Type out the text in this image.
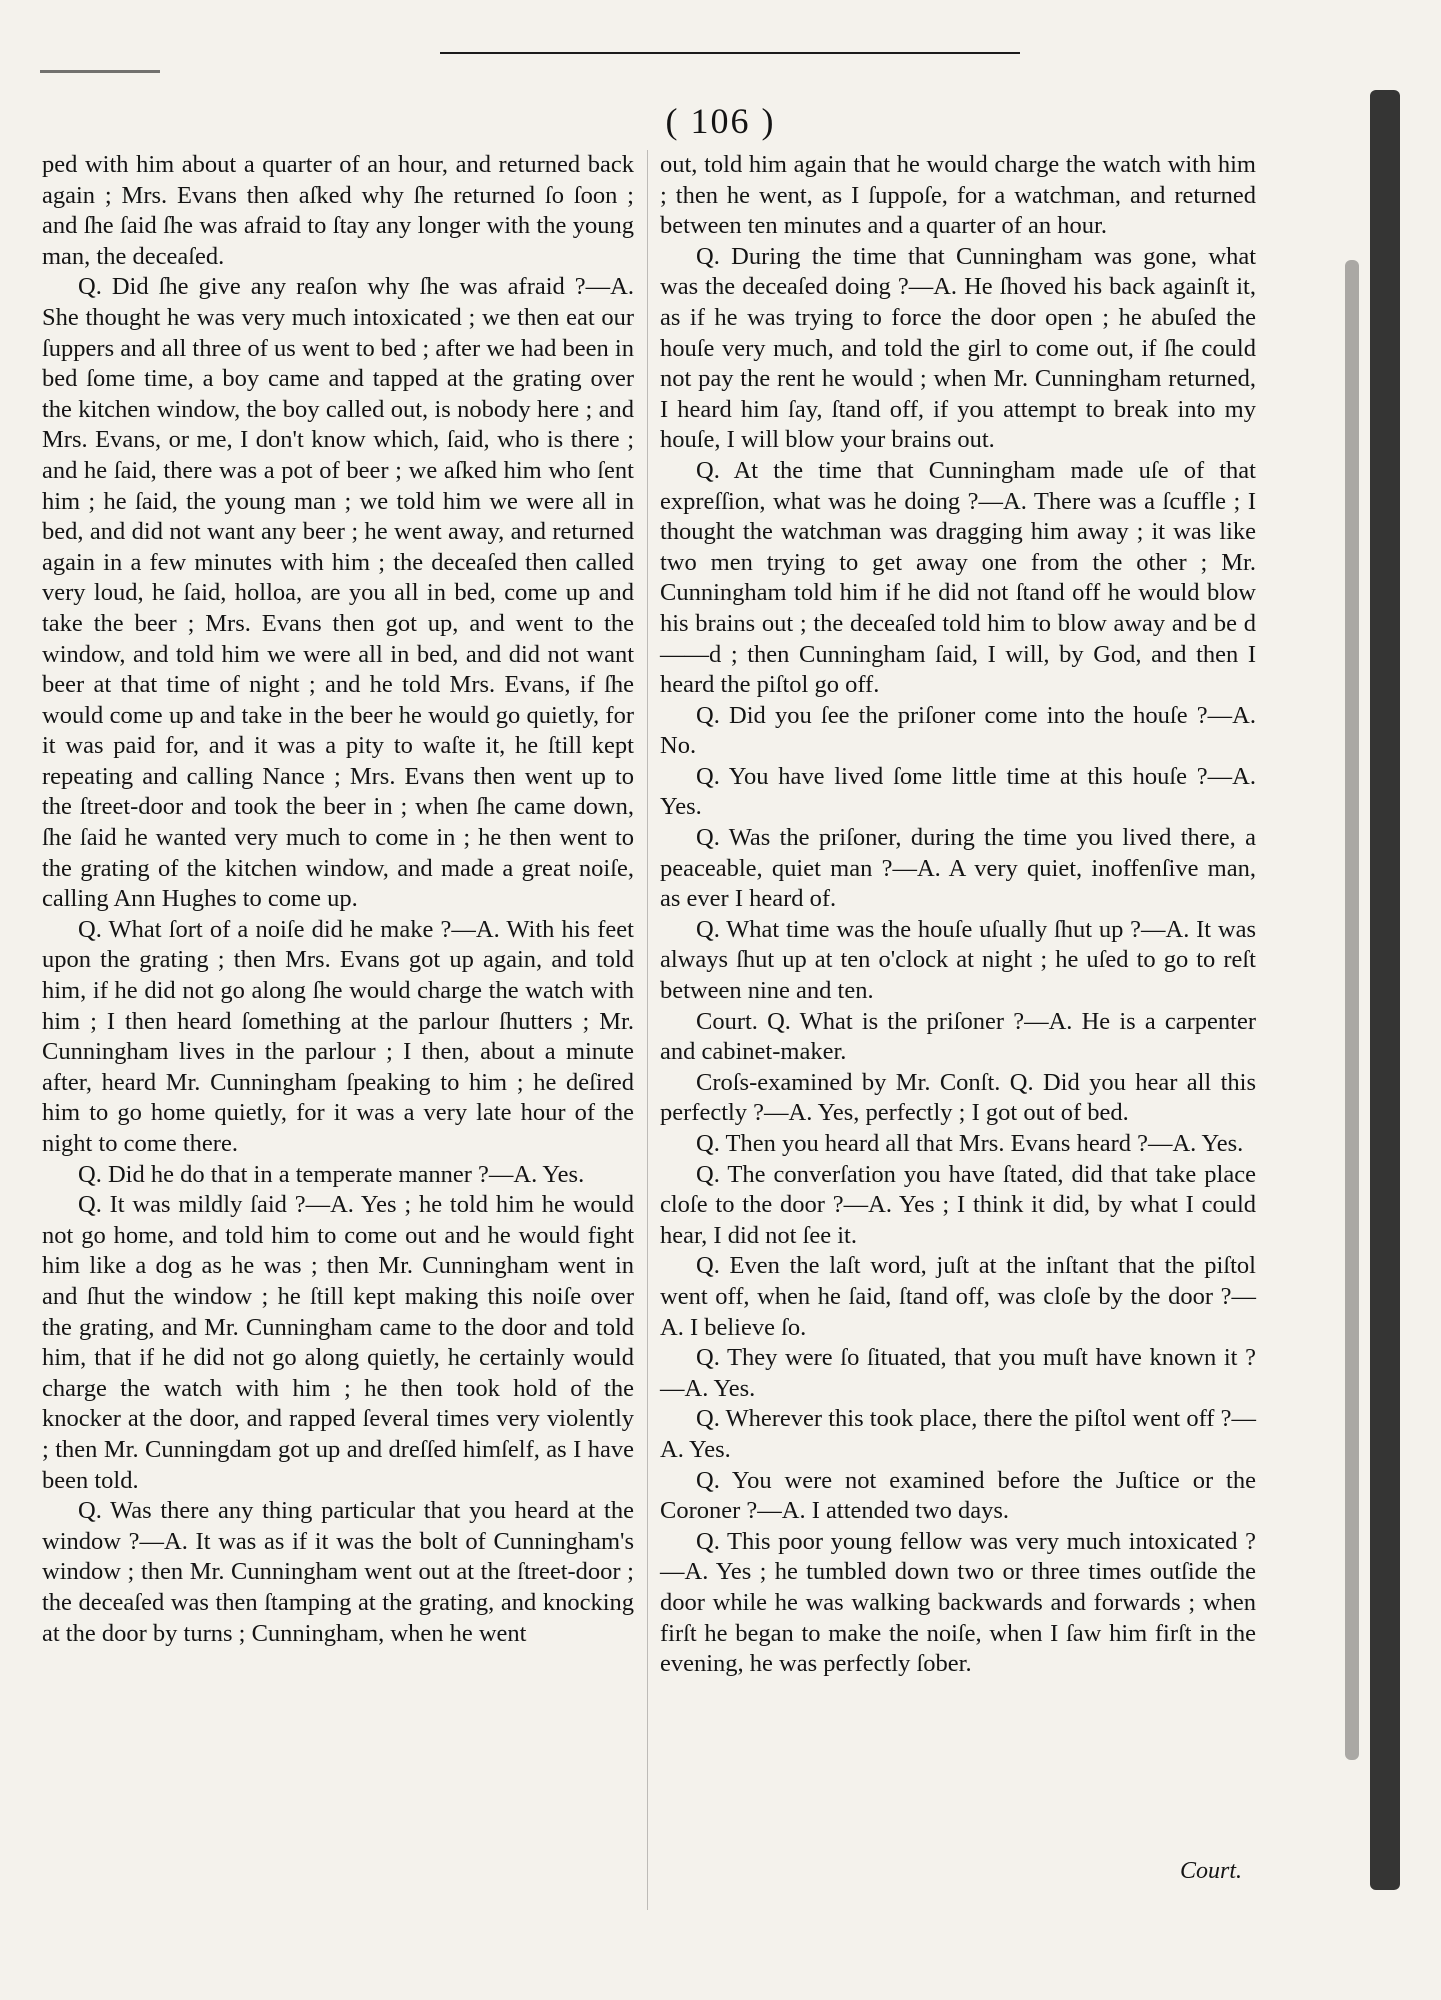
( 106 )

ped with him about a quarter of an hour, and returned back again ; Mrs. Evans then aſked why ſhe returned ſo ſoon ; and ſhe ſaid ſhe was afraid to ſtay any longer with the young man, the deceaſed.

Q. Did ſhe give any reaſon why ſhe was afraid ?—A. She thought he was very much intoxicated ; we then eat our ſuppers and all three of us went to bed ; after we had been in bed ſome time, a boy came and tapped at the grating over the kitchen window, the boy called out, is nobody here ; and Mrs. Evans, or me, I don't know which, ſaid, who is there ; and he ſaid, there was a pot of beer ; we aſked him who ſent him ; he ſaid, the young man ; we told him we were all in bed, and did not want any beer ; he went away, and returned again in a few minutes with him ; the deceaſed then called very loud, he ſaid, holloa, are you all in bed, come up and take the beer ; Mrs. Evans then got up, and went to the window, and told him we were all in bed, and did not want beer at that time of night ; and he told Mrs. Evans, if ſhe would come up and take in the beer he would go quietly, for it was paid for, and it was a pity to waſte it, he ſtill kept repeating and calling Nance ; Mrs. Evans then went up to the ſtreet-door and took the beer in ; when ſhe came down, ſhe ſaid he wanted very much to come in ; he then went to the grating of the kitchen window, and made a great noiſe, calling Ann Hughes to come up.

Q. What ſort of a noiſe did he make ?—A. With his feet upon the grating ; then Mrs. Evans got up again, and told him, if he did not go along ſhe would charge the watch with him ; I then heard ſomething at the parlour ſhutters ; Mr. Cunningham lives in the parlour ; I then, about a minute after, heard Mr. Cunningham ſpeaking to him ; he deſired him to go home quietly, for it was a very late hour of the night to come there.

Q. Did he do that in a temperate manner ?—A. Yes.

Q. It was mildly ſaid ?—A. Yes ; he told him he would not go home, and told him to come out and he would fight him like a dog as he was ; then Mr. Cunningham went in and ſhut the window ; he ſtill kept making this noiſe over the grating, and Mr. Cunningham came to the door and told him, that if he did not go along quietly, he certainly would charge the watch with him ; he then took hold of the knocker at the door, and rapped ſeveral times very violently ; then Mr. Cunningdam got up and dreſſed himſelf, as I have been told.

Q. Was there any thing particular that you heard at the window ?—A. It was as if it was the bolt of Cunningham's window ; then Mr. Cunningham went out at the ſtreet-door ; the deceaſed was then ſtamping at the grating, and knocking at the door by turns ; Cunningham, when he went

out, told him again that he would charge the watch with him ; then he went, as I ſuppoſe, for a watchman, and returned between ten minutes and a quarter of an hour.

Q. During the time that Cunningham was gone, what was the deceaſed doing ?—A. He ſhoved his back againſt it, as if he was trying to force the door open ; he abuſed the houſe very much, and told the girl to come out, if ſhe could not pay the rent he would ; when Mr. Cunningham returned, I heard him ſay, ſtand off, if you attempt to break into my houſe, I will blow your brains out.

Q. At the time that Cunningham made uſe of that expreſſion, what was he doing ?—A. There was a ſcuffle ; I thought the watchman was dragging him away ; it was like two men trying to get away one from the other ; Mr. Cunningham told him if he did not ſtand off he would blow his brains out ; the deceaſed told him to blow away and be d——d ; then Cunningham ſaid, I will, by God, and then I heard the piſtol go off.

Q. Did you ſee the priſoner come into the houſe ?—A. No.

Q. You have lived ſome little time at this houſe ?—A. Yes.

Q. Was the priſoner, during the time you lived there, a peaceable, quiet man ?—A. A very quiet, inoffenſive man, as ever I heard of.

Q. What time was the houſe uſually ſhut up ?—A. It was always ſhut up at ten o'clock at night ; he uſed to go to reſt between nine and ten.

Court. Q. What is the priſoner ?—A. He is a carpenter and cabinet-maker.

Croſs-examined by Mr. Conſt. Q. Did you hear all this perfectly ?—A. Yes, perfectly ; I got out of bed.

Q. Then you heard all that Mrs. Evans heard ?—A. Yes.

Q. The converſation you have ſtated, did that take place cloſe to the door ?—A. Yes ; I think it did, by what I could hear, I did not ſee it.

Q. Even the laſt word, juſt at the inſtant that the piſtol went off, when he ſaid, ſtand off, was cloſe by the door ?—A. I believe ſo.

Q. They were ſo ſituated, that you muſt have known it ?—A. Yes.

Q. Wherever this took place, there the piſtol went off ?—A. Yes.

Q. You were not examined before the Juſtice or the Coroner ?—A. I attended two days.

Q. This poor young fellow was very much intoxicated ?—A. Yes ; he tumbled down two or three times outſide the door while he was walking backwards and forwards ; when firſt he began to make the noiſe, when I ſaw him firſt in the evening, he was perfectly ſober.

Court.
